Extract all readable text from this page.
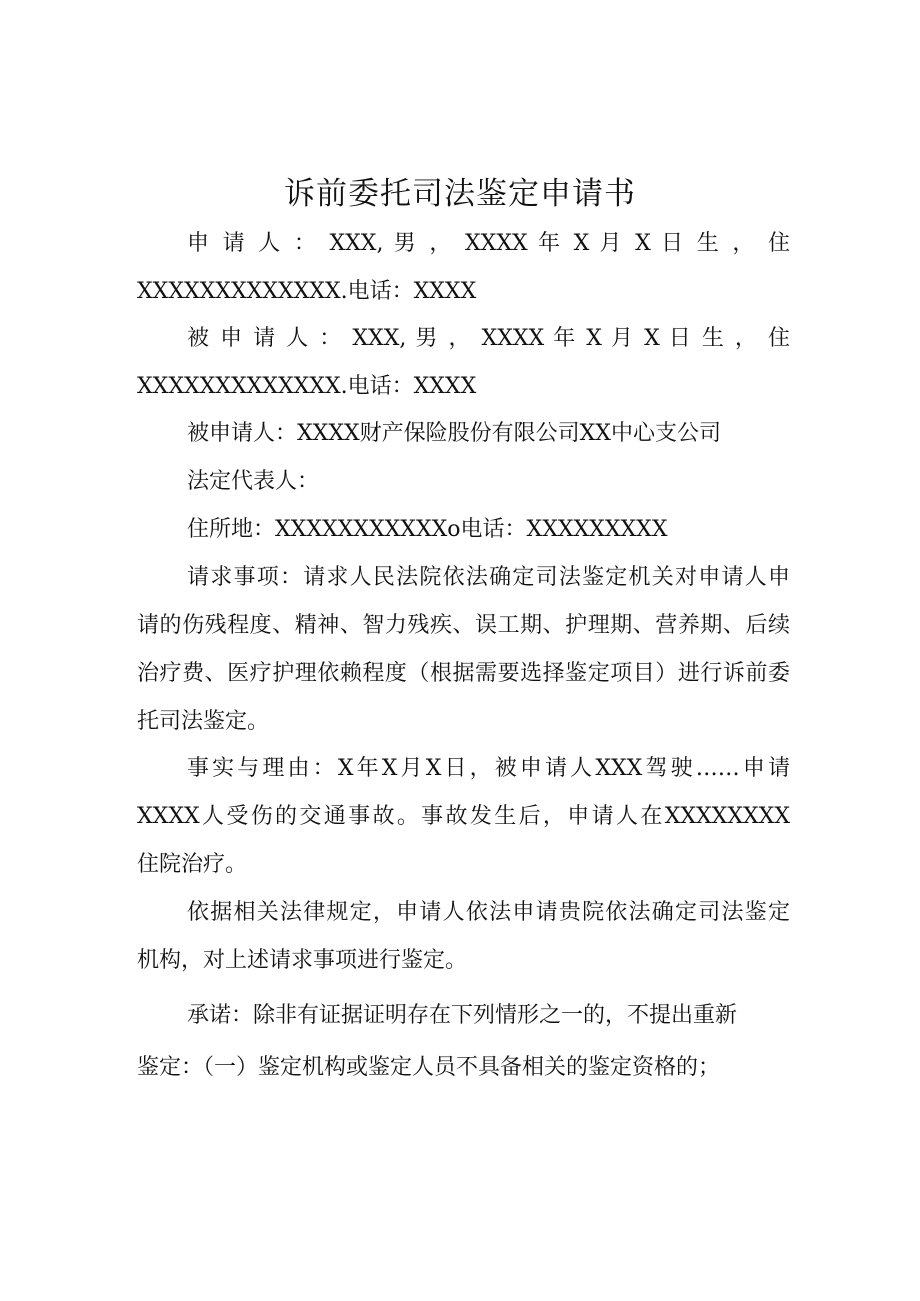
诉前委托司法鉴定申请书
申 请 人 ： XXX, 男 ， XXXX 年 X 月 X 日 生 ， 住
XXXXXXXXXXXXX.电话：XXXX
被 申 请 人 ： XXX, 男 ， XXXX 年 X 月 X 日 生 ， 住
XXXXXXXXXXXXX.电话：XXXX
被申请人：XXXX财产保险股份有限公司XX中心支公司
法定代表人：
住所地：XXXXXXXXXXXo电话：XXXXXXXXX
请求事项：请求人民法院依法确定司法鉴定机关对申请人申
请的伤残程度、精神、智力残疾、误工期、护理期、营养期、后续
治疗费、医疗护理依赖程度（根据需要选择鉴定项目）进行诉前委
托司法鉴定。
事实与理由：X年X月X日，被申请人XXX驾驶……申请
XXXX人受伤的交通事故。事故发生后，申请人在XXXXXXXX
住院治疗。
依据相关法律规定，申请人依法申请贵院依法确定司法鉴定
机构，对上述请求事项进行鉴定。
承诺：除非有证据证明存在下列情形之一的，不提出重新
鉴定：（一）鉴定机构或鉴定人员不具备相关的鉴定资格的；
